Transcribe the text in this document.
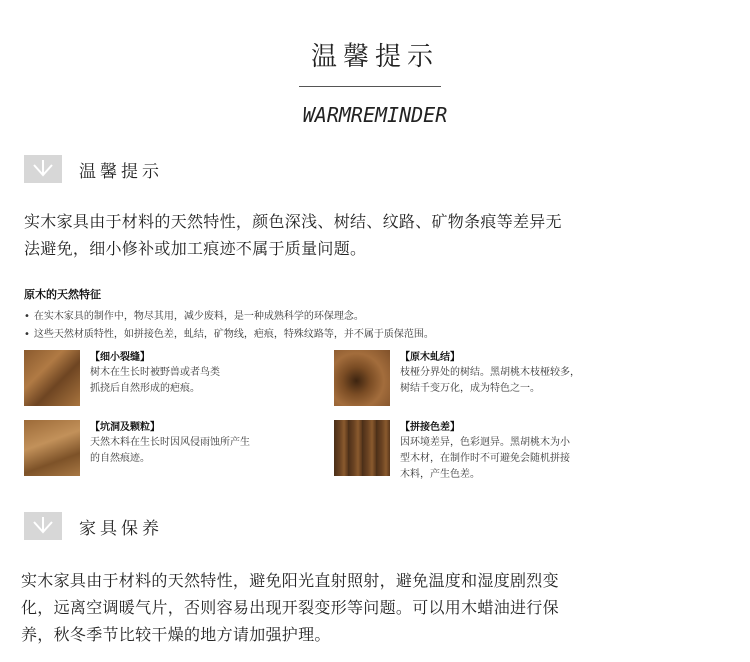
温馨提示
WARMREMINDER
温馨提示
实木家具由于材料的天然特性，颜色深浅、树结、纹路、矿物条痕等差异无
法避免，细小修补或加工痕迹不属于质量问题。
原木的天然特征
• 在实木家具的制作中，物尽其用，减少废料，是一种成熟科学的环保理念。
• 这些天然材质特性，如拼接色差，虬结，矿物线，疤痕，特殊纹路等，并不属于质保范围。
【细小裂缝】
树木在生长时被野兽或者鸟类
抓挠后自然形成的疤痕。
【原木虬结】
枝桠分界处的树结。黑胡桃木枝桠较多，
树结千变万化，成为特色之一。
【坑洞及颗粒】
天然木料在生长时因风侵雨蚀所产生
的自然痕迹。
【拼接色差】
因环境差异，色彩迥异。黑胡桃木为小
型木材，在制作时不可避免会随机拼接
木料，产生色差。
家具保养
实木家具由于材料的天然特性，避免阳光直射照射，避免温度和湿度剧烈变
化，远离空调暖气片，否则容易出现开裂变形等问题。可以用木蜡油进行保
养，秋冬季节比较干燥的地方请加强护理。
